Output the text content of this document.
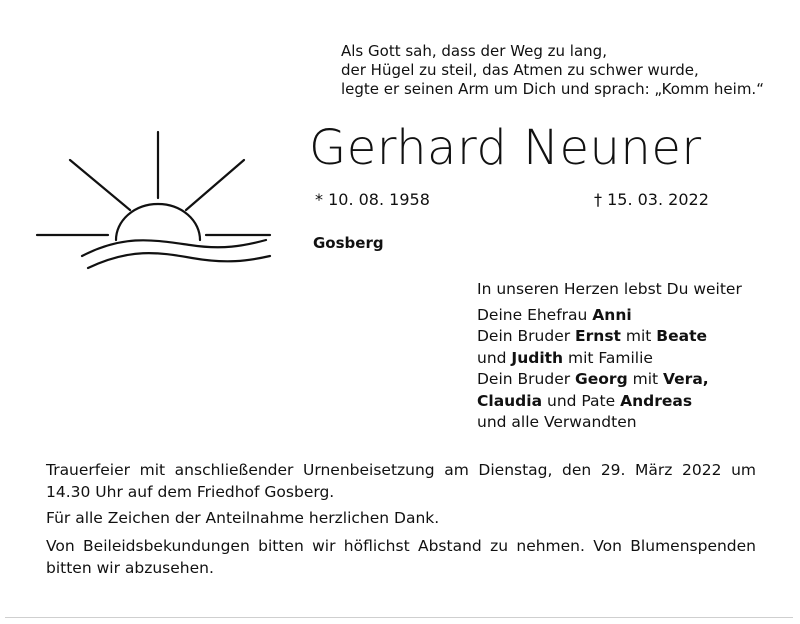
Als Gott sah, dass der Weg zu lang,
der Hügel zu steil, das Atmen zu schwer wurde,
legte er seinen Arm um Dich und sprach: „Komm heim.“
Gerhard Neuner
* 10. 08. 1958	† 15. 03. 2022
Gosberg
In unseren Herzen lebst Du weiter
Deine Ehefrau Anni
Dein Bruder Ernst mit Beate
und Judith mit Familie
Dein Bruder Georg mit Vera,
Claudia und Pate Andreas
und alle Verwandten
Trauerfeier mit anschließender Urnenbeisetzung am Dienstag, den 29. März 2022 um 14.30 Uhr auf dem Friedhof Gosberg.
Für alle Zeichen der Anteilnahme herzlichen Dank.
Von Beileidsbekundungen bitten wir höflichst Abstand zu nehmen. Von Blumenspenden bitten wir abzusehen.
